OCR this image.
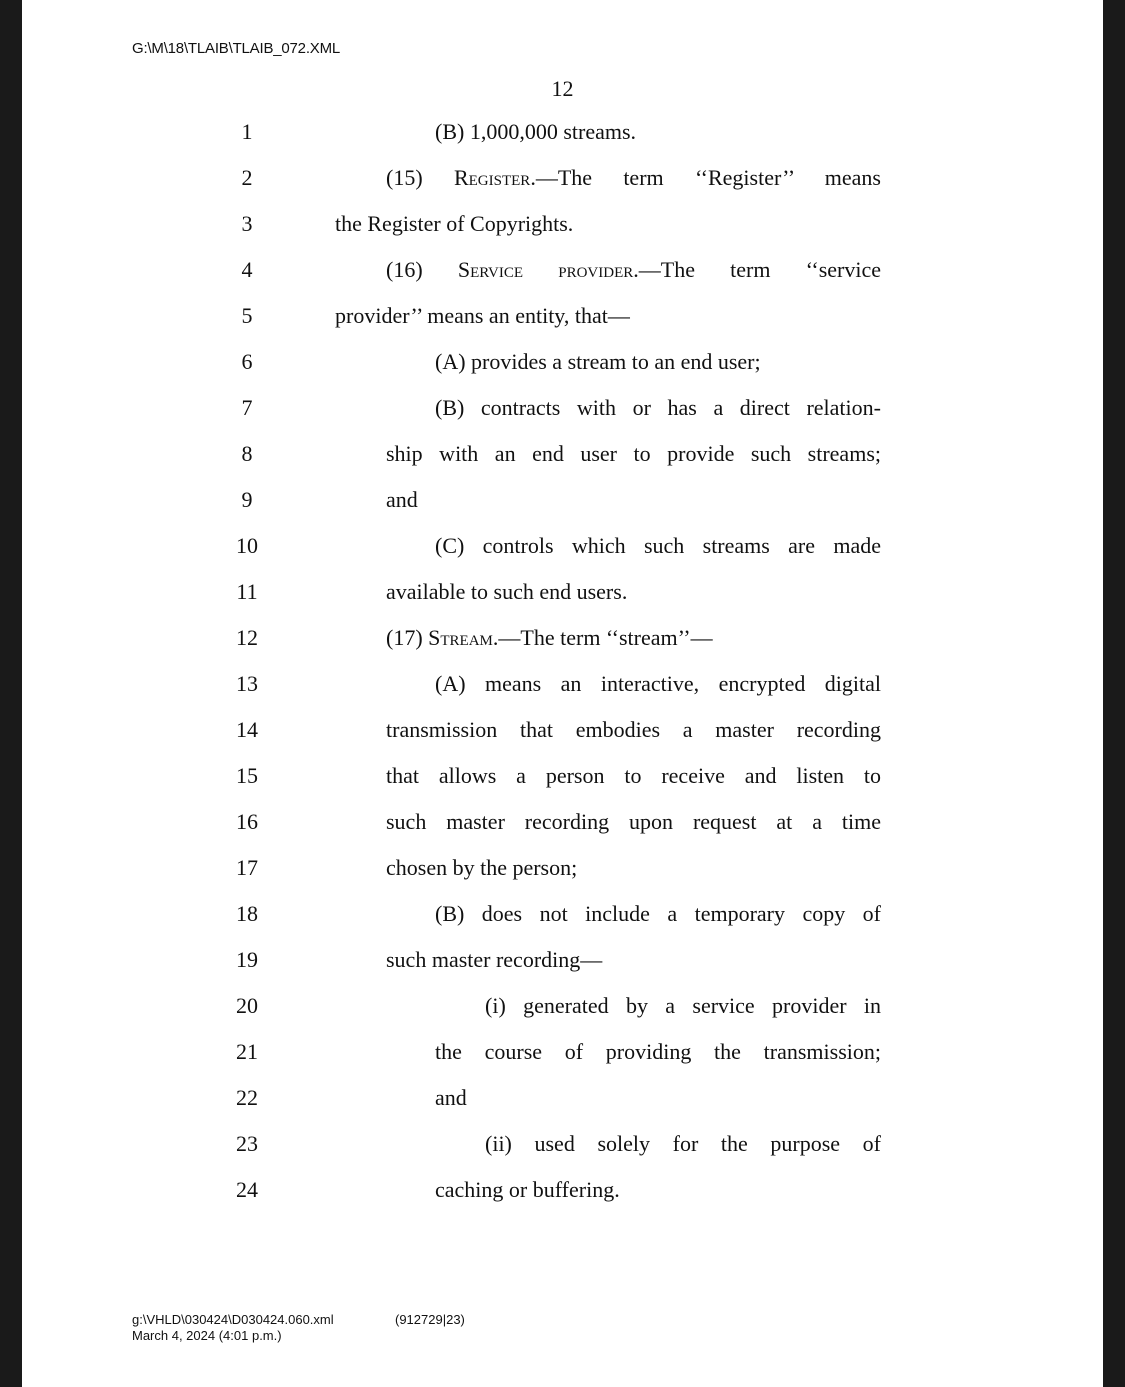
G:\M\18\TLAIB\TLAIB_072.XML
12
1	(B) 1,000,000 streams.
2	(15) Register.—The term ‘‘Register’’ means
3	the Register of Copyrights.
4	(16) Service provider.—The term ‘‘service
5	provider’’ means an entity, that—
6	(A) provides a stream to an end user;
7	(B) contracts with or has a direct relation-
8	ship with an end user to provide such streams;
9	and
10	(C) controls which such streams are made
11	available to such end users.
12	(17) Stream.—The term ‘‘stream’’—
13	(A) means an interactive, encrypted digital
14	transmission that embodies a master recording
15	that allows a person to receive and listen to
16	such master recording upon request at a time
17	chosen by the person;
18	(B) does not include a temporary copy of
19	such master recording—
20	(i) generated by a service provider in
21	the course of providing the transmission;
22	and
23	(ii) used solely for the purpose of
24	caching or buffering.
g:\VHLD\030424\D030424.060.xml
March 4, 2024 (4:01 p.m.)
(912729|23)
